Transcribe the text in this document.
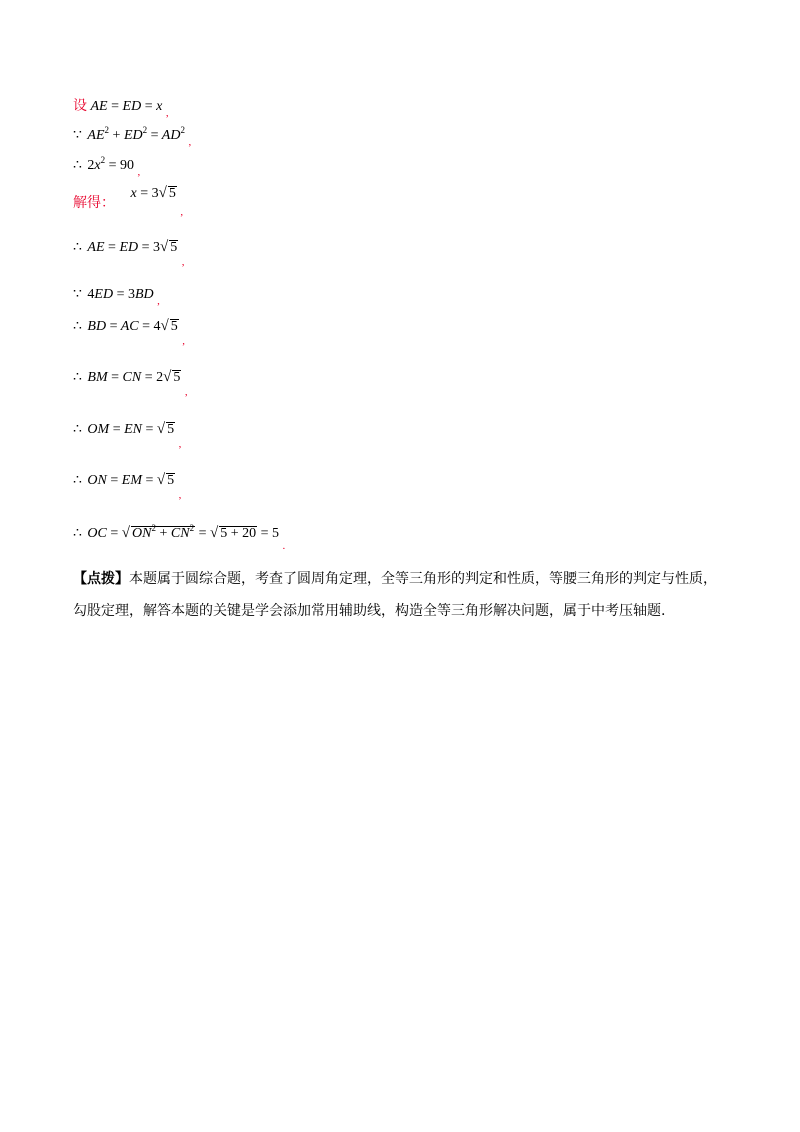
设 AE = ED = x $_,$
∵ $AE^2 + ED^2 = AD^2$ $_,$
∴ $2x^2 = 90$ $_,$
解得： x = 3√ 5 $_,$
∴ AE = ED = 3√ 5 $_,$
∵ 4ED = 3BD $_,$
∴ BD = AC = 4√ 5 $_,$
∴ BM = CN = 2√ 5 $_,$
∴ OM = EN = √ 5 $_,$
∴ ON = EM = √ 5 $_,$
∴ OC = √ $ON^2 + CN^2$ = √ 5 + 20 = 5 $_.$
【点拨】本题属于圆综合题，考查了圆周角定理，全等三角形的判定和性质，等腰三角形的判定与性质，勾股定理，解答本题的关键是学会添加常用辅助线，构造全等三角形解决问题，属于中考压轴题.
